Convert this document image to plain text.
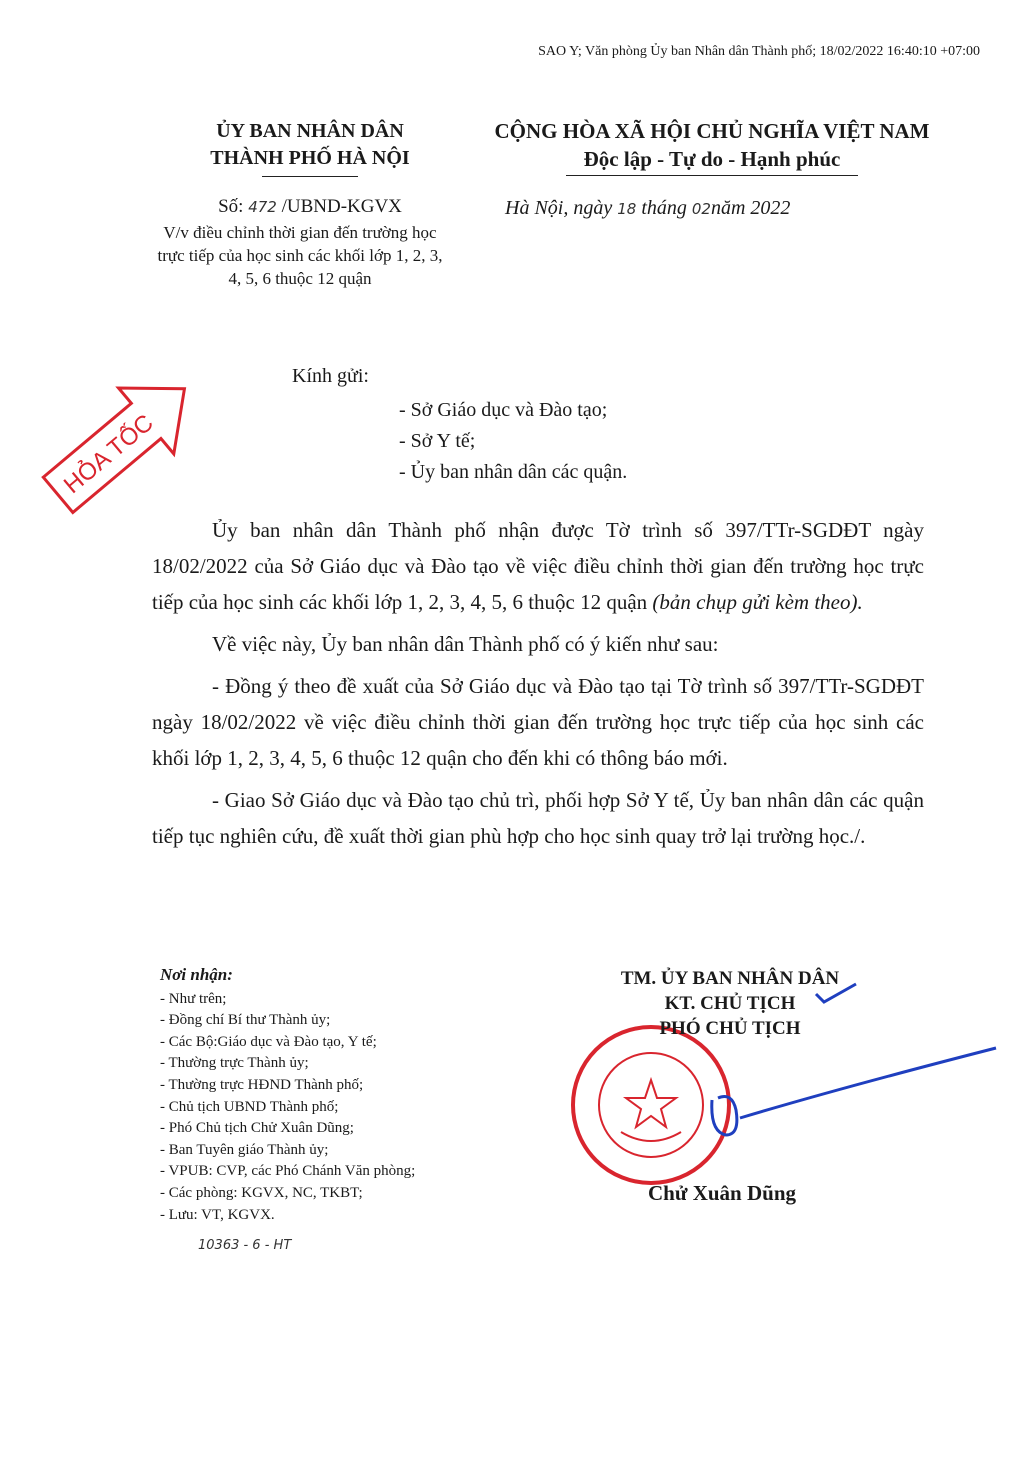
SAO Y; Văn phòng Ủy ban Nhân dân Thành phố; 18/02/2022 16:40:10 +07:00
ỦY BAN NHÂN DÂN
THÀNH PHỐ HÀ NỘI
CỘNG HÒA XÃ HỘI CHỦ NGHĨA VIỆT NAM
Độc lập - Tự do - Hạnh phúc
Số: 472 /UBND-KGVX
V/v điều chỉnh thời gian đến trường học trực tiếp của học sinh các khối lớp 1, 2, 3, 4, 5, 6 thuộc 12 quận
Hà Nội, ngày 18 tháng 02năm 2022
HỎA TỐC
Kính gửi:
- Sở Giáo dục và Đào tạo;
- Sở Y tế;
- Ủy ban nhân dân các quận.

Ủy ban nhân dân Thành phố nhận được Tờ trình số 397/TTr-SGDĐT ngày 18/02/2022 của Sở Giáo dục và Đào tạo về việc điều chỉnh thời gian đến trường học trực tiếp của học sinh các khối lớp 1, 2, 3, 4, 5, 6 thuộc 12 quận (bản chụp gửi kèm theo).

Về việc này, Ủy ban nhân dân Thành phố có ý kiến như sau:

- Đồng ý theo đề xuất của Sở Giáo dục và Đào tạo tại Tờ trình số 397/TTr-SGDĐT ngày 18/02/2022 về việc điều chỉnh thời gian đến trường học trực tiếp của học sinh các khối lớp 1, 2, 3, 4, 5, 6 thuộc 12 quận cho đến khi có thông báo mới.

- Giao Sở Giáo dục và Đào tạo chủ trì, phối hợp Sở Y tế, Ủy ban nhân dân các quận tiếp tục nghiên cứu, đề xuất thời gian phù hợp cho học sinh quay trở lại trường học./.

Nơi nhận:
- Như trên;
- Đồng chí Bí thư Thành ủy;
- Các Bộ:Giáo dục và Đào tạo, Y tế;
- Thường trực Thành ủy;
- Thường trực HĐND Thành phố;
- Chủ tịch UBND Thành phố;
- Phó Chủ tịch Chử Xuân Dũng;
- Ban Tuyên giáo Thành ủy;
- VPUB: CVP, các Phó Chánh Văn phòng;
- Các phòng: KGVX, NC, TKBT;
- Lưu: VT, KGVX.
TM. ỦY BAN NHÂN DÂN
KT. CHỦ TỊCH
PHÓ CHỦ TỊCH
Chử Xuân Dũng
10363 - 6 - HT
